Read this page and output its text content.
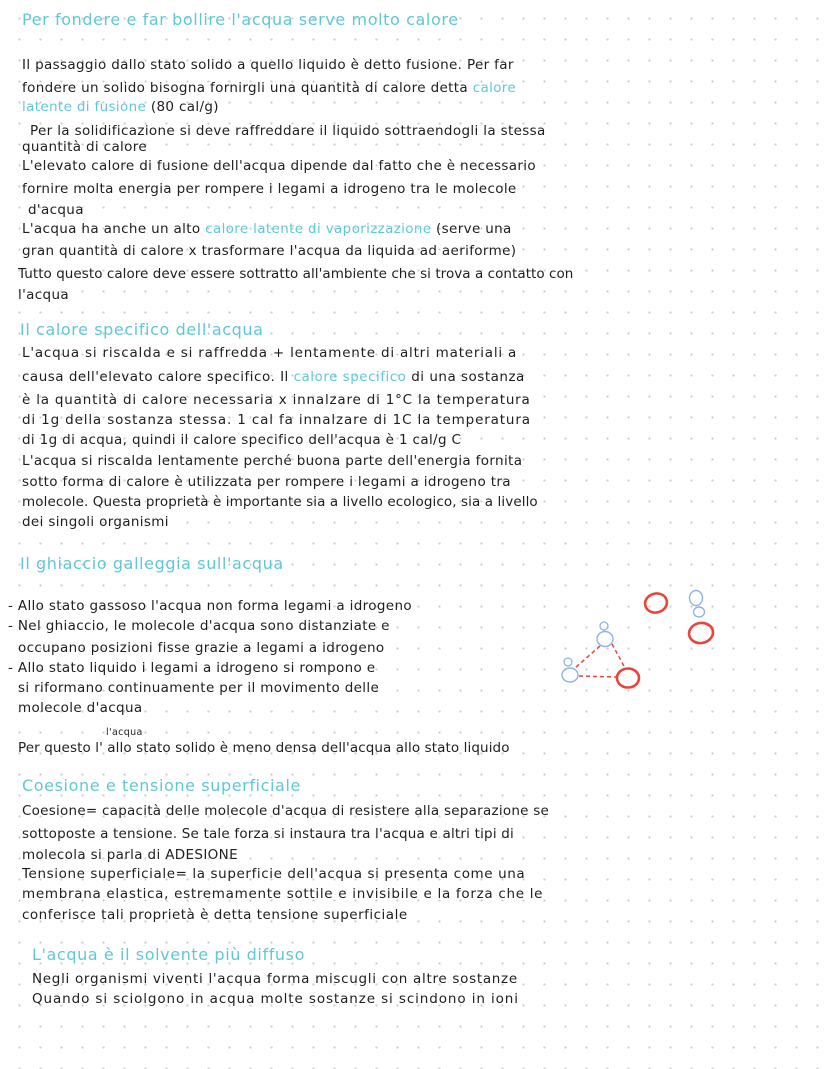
Per fondere e far bollire l'acqua serve molto calore

Il passaggio dallo stato solido a quello liquido è detto fusione. Per far

fondere un solido bisogna fornirgli una quantità di calore detta calore

latente di fusione (80 cal/g)

Per la solidificazione si deve raffreddare il liquido sottraendogli la stessa

quantità di calore

L'elevato calore di fusione dell'acqua dipende dal fatto che è necessario

fornire molta energia per rompere i legami a idrogeno tra le molecole

d'acqua

L'acqua ha anche un alto calore latente di vaporizzazione (serve una

gran quantità di calore x trasformare l'acqua da liquida ad aeriforme)

Tutto questo calore deve essere sottratto all'ambiente che si trova a contatto con

l'acqua

Il calore specifico dell'acqua

L'acqua si riscalda e si raffredda + lentamente di altri materiali a

causa dell'elevato calore specifico. Il calore specifico di una sostanza

è la quantità di calore necessaria x innalzare di 1°C la temperatura

di 1g della sostanza stessa. 1 cal fa innalzare di 1C la temperatura

di 1g di acqua, quindi il calore specifico dell'acqua è 1 cal/g C

L'acqua si riscalda lentamente perché buona parte dell'energia fornita

sotto forma di calore è utilizzata per rompere i legami a idrogeno tra

molecole. Questa proprietà è importante sia a livello ecologico, sia a livello

dei singoli organismi

Il ghiaccio galleggia sull'acqua

- Allo stato gassoso l'acqua non forma legami a idrogeno

- Nel ghiaccio, le molecole d'acqua sono distanziate e

occupano posizioni fisse grazie a legami a idrogeno

- Allo stato liquido i legami a idrogeno si rompono e

si riformano continuamente per il movimento delle

molecole d'acqua

l'acqua

Per questo l' allo stato solido è meno densa dell'acqua allo stato liquido

Coesione e tensione superficiale

Coesione= capacità delle molecole d'acqua di resistere alla separazione se

sottoposte a tensione. Se tale forza si instaura tra l'acqua e altri tipi di

molecola si parla di ADESIONE

Tensione superficiale= la superficie dell'acqua si presenta come una

membrana elastica, estremamente sottile e invisibile e la forza che le

conferisce tali proprietà è detta tensione superficiale

L'acqua è il solvente più diffuso

Negli organismi viventi l'acqua forma miscugli con altre sostanze

Quando si sciolgono in acqua molte sostanze si scindono in ioni
